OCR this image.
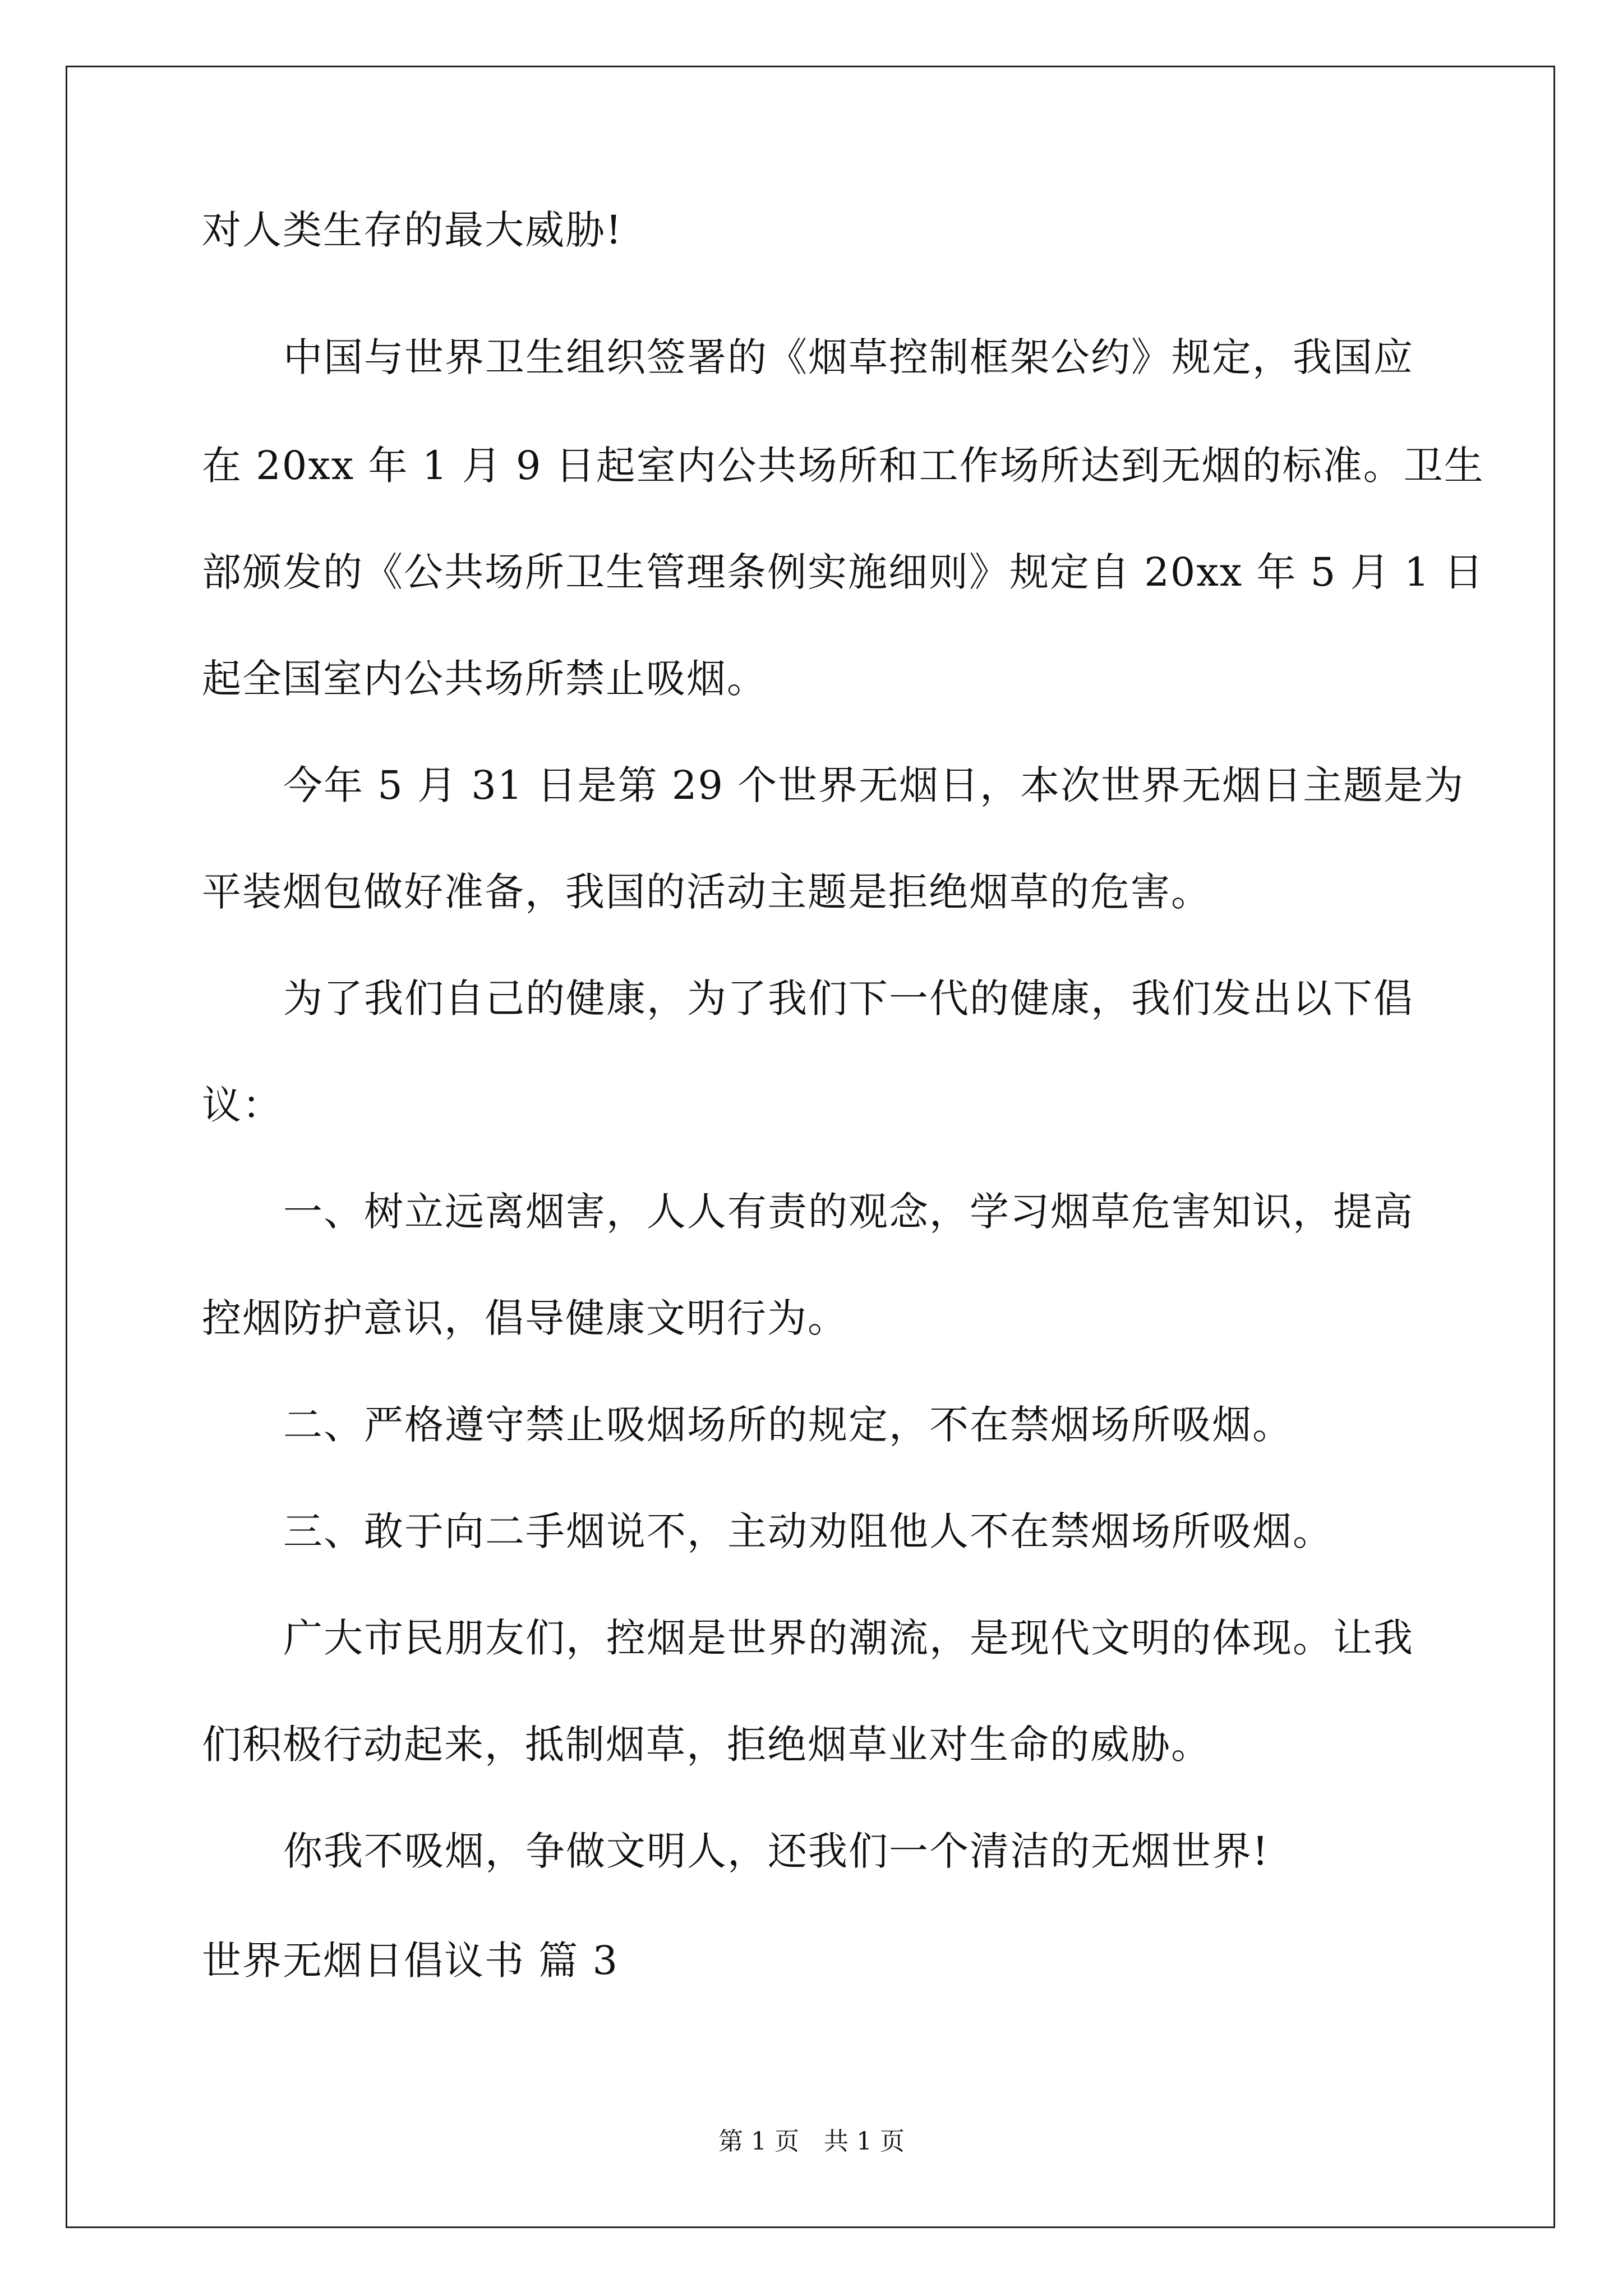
对人类生存的最大威胁!
中国与世界卫生组织签署的《烟草控制框架公约》规定，我国应
在 20xx 年 1 月 9 日起室内公共场所和工作场所达到无烟的标准。卫生
部颁发的《公共场所卫生管理条例实施细则》规定自 20xx 年 5 月 1 日
起全国室内公共场所禁止吸烟。
今年 5 月 31 日是第 29 个世界无烟日，本次世界无烟日主题是为
平装烟包做好准备，我国的活动主题是拒绝烟草的危害。
为了我们自己的健康，为了我们下一代的健康，我们发出以下倡
议：
一、树立远离烟害，人人有责的观念，学习烟草危害知识，提高
控烟防护意识，倡导健康文明行为。
二、严格遵守禁止吸烟场所的规定，不在禁烟场所吸烟。
三、敢于向二手烟说不，主动劝阻他人不在禁烟场所吸烟。
广大市民朋友们，控烟是世界的潮流，是现代文明的体现。让我
们积极行动起来，抵制烟草，拒绝烟草业对生命的威胁。
你我不吸烟，争做文明人，还我们一个清洁的无烟世界!
世界无烟日倡议书 篇 3
第 1 页　共 1 页
